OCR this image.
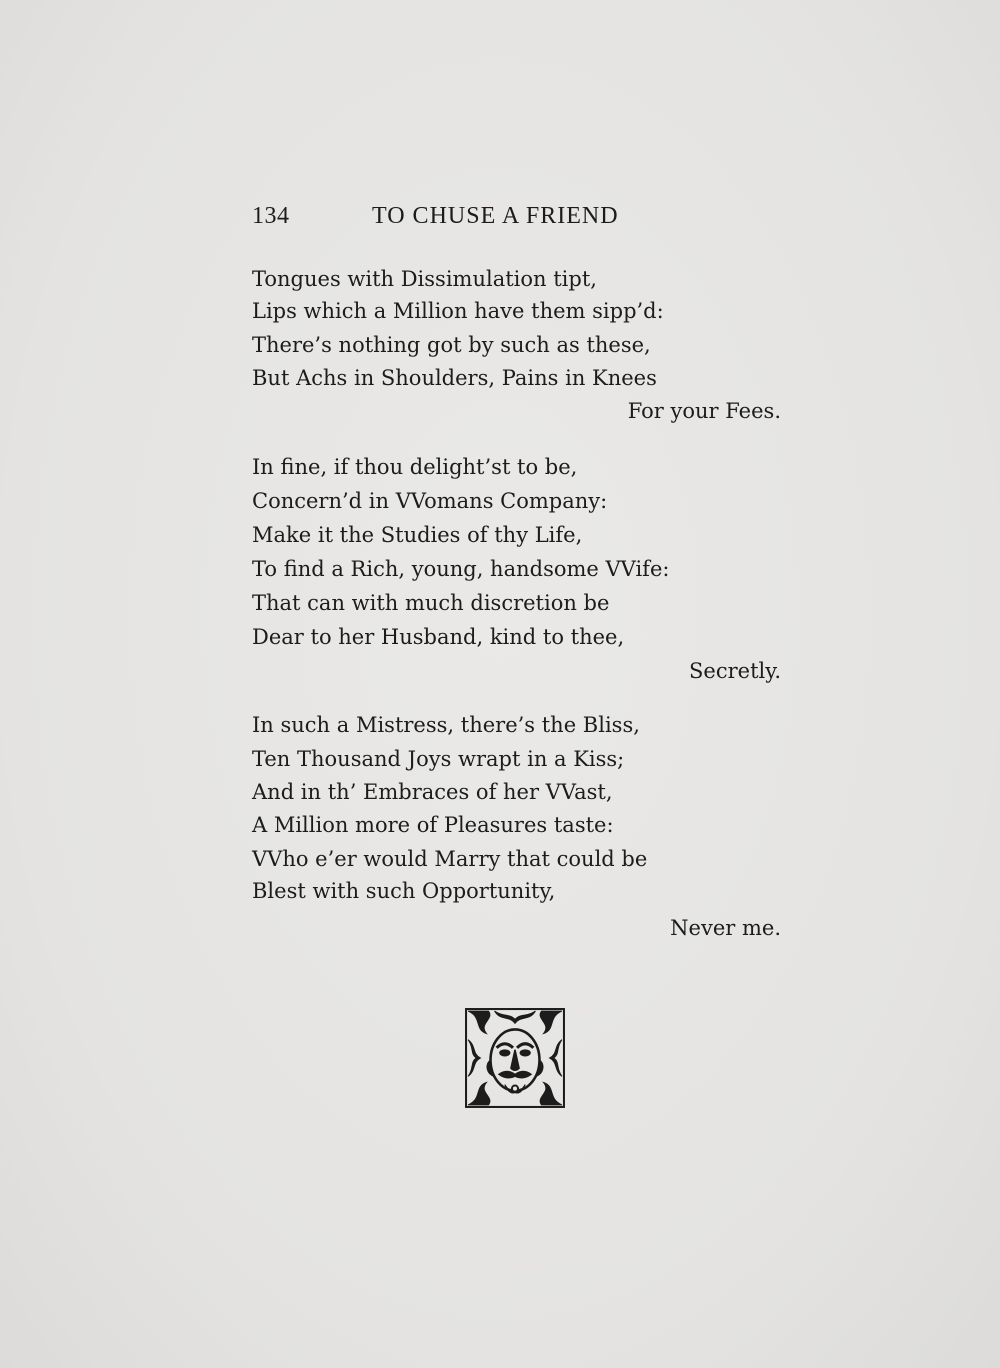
134	TO CHUSE A FRIEND
Tongues with Dissimulation tipt,
Lips which a Million have them sipp’d:
There’s nothing got by such as these,
But Achs in Shoulders, Pains in Knees
For your Fees.
In fine, if thou delight’st to be,
Concern’d in VVomans Company:
Make it the Studies of thy Life,
To find a Rich, young, handsome VVife:
That can with much discretion be
Dear to her Husband, kind to thee,
Secretly.
In such a Mistress, there’s the Bliss,
Ten Thousand Joys wrapt in a Kiss;
And in th’ Embraces of her VVast,
A Million more of Pleasures taste:
VVho e’er would Marry that could be
Blest with such Opportunity,
Never me.
